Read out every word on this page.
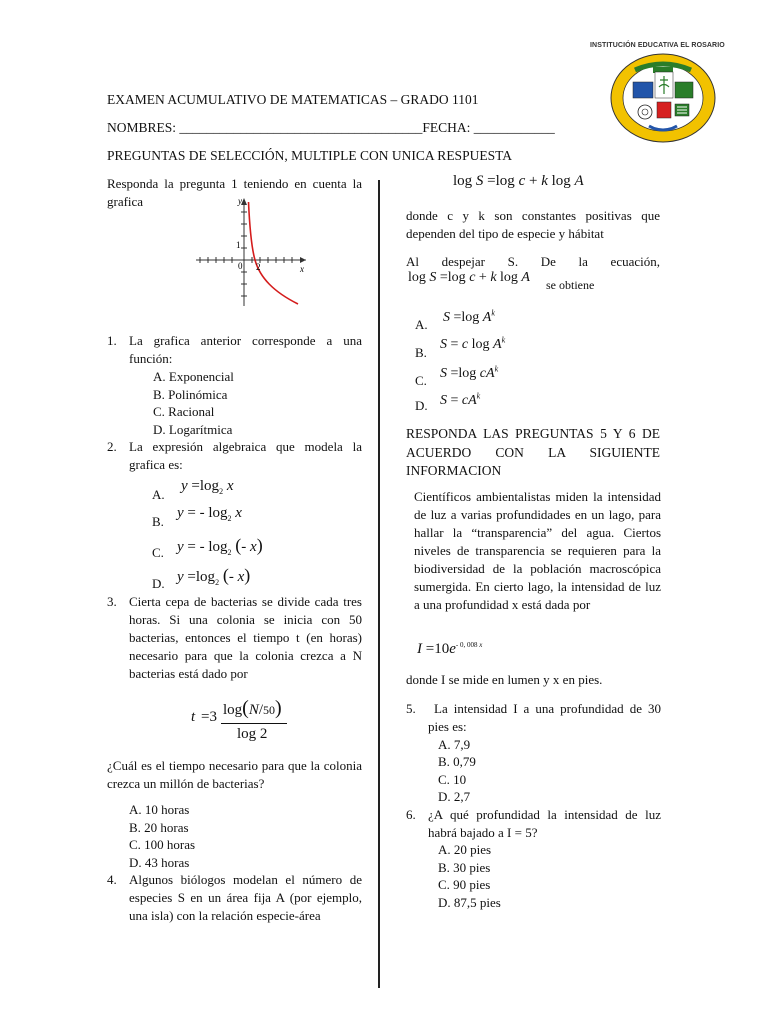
INSTITUCIÓN EDUCATIVA EL ROSARIO
EXAMEN ACUMULATIVO DE MATEMATICAS – GRADO 1101
NOMBRES: ____________________________________FECHA: ____________
PREGUNTAS DE SELECCIÓN, MULTIPLE CON UNICA RESPUESTA
Responda la pregunta 1 teniendo en cuenta la grafica	y
x
1
0 2
1. La grafica anterior corresponde a una función:
A. Exponencial
B. Polinómica
C. Racional
D. Logarítmica
2. La expresión algebraica que modela la grafica es:
A.
$y =\log_2$ x
B.
y = - $\log_2 x$
C. y = - $\log_2$ (- x)
D. $y =\log_2$ (- x)
3. Cierta cepa de bacterias se divide cada tres horas. Si una colonia se inicia con 50 bacterias, entonces el tiempo t (en horas) necesario para que la colonia crezca a N bacterias está dado por
t =3 log(N/50)
log 2
¿Cuál es el tiempo necesario para que la colonia crezca un millón de bacterias?
A. 10 horas
B. 20 horas
C. 100 horas
D. 43 horas
4. Algunos biólogos modelan el número de especies S en un área fija A (por ejemplo, una isla) con la relación especie-área
log S =log c + k log A
donde c y k son constantes positivas que dependen del tipo de especie y hábitat
Al despejar S. De la ecuación,
log S =log c + k log A se obtiene
A. S =log $A^k$
B.
S = c $\log A^k$
C. S =log $cA^k$
D. $S = cA^k$
RESPONDA LAS PREGUNTAS 5 Y 6 DE ACUERDO CON LA SIGUIENTE INFORMACION
Científicos ambientalistas miden la intensidad de luz a varias profundidades en un lago, para hallar la “transparencia” del agua. Ciertos niveles de transparencia se requieren para la biodiversidad de la población macroscópica sumergida. En cierto lago, la intensidad de luz a una profundidad x está dada por
$I =10e^{- 0, 008 x}$
donde I se mide en lumen y x en pies.
5.	La intensidad I a una profundidad de 30 pies es:
A. 7,9
B. 0,79
C. 10
D. 2,7
6. ¿A qué profundidad la intensidad de luz habrá bajado a I = 5?
A. 20 pies
B. 30 pies
C. 90 pies
D. 87,5 pies
